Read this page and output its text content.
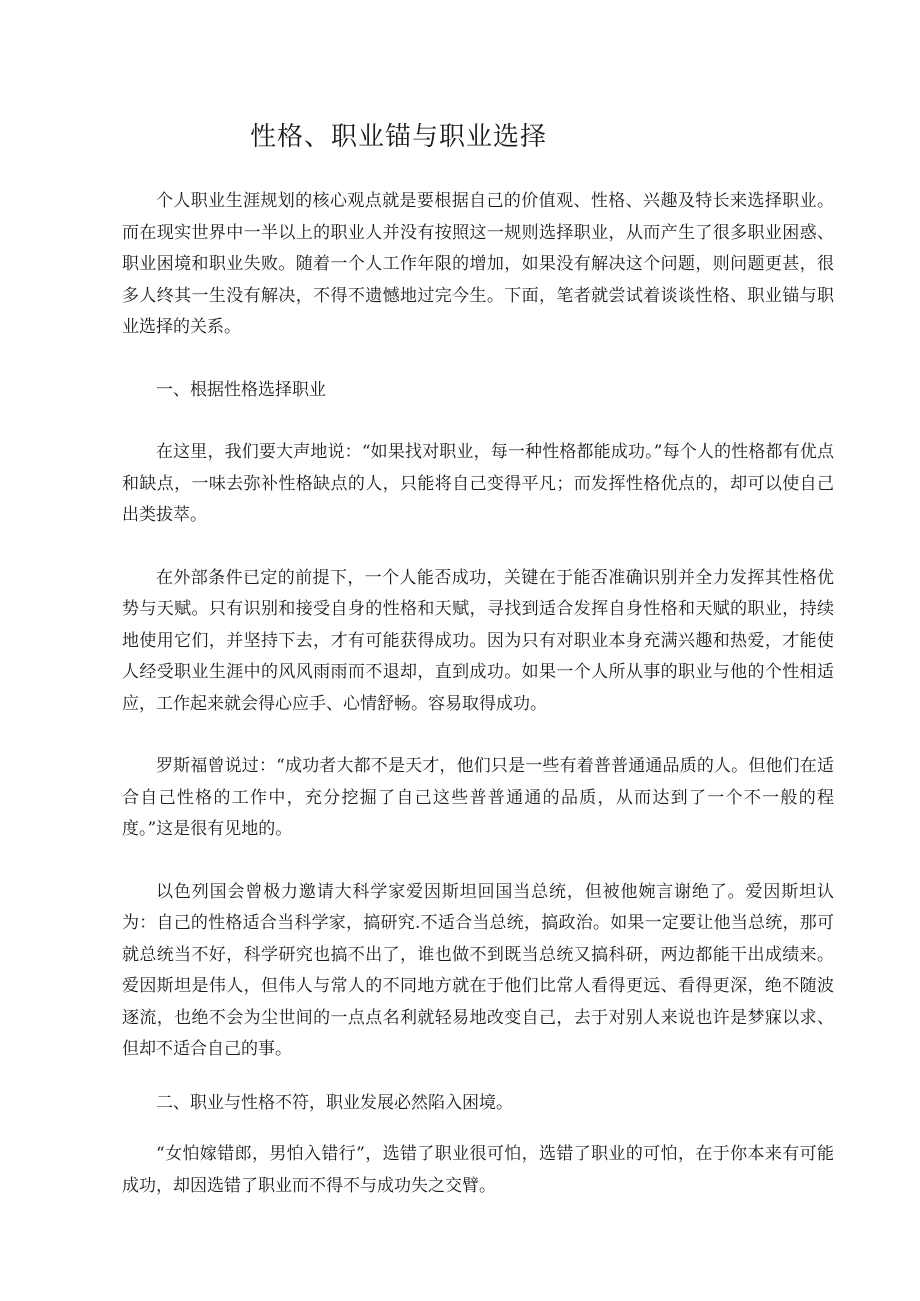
性格、职业锚与职业选择

个人职业生涯规划的核心观点就是要根据自己的价值观、性格、兴趣及特长来选择职业。而在现实世界中一半以上的职业人并没有按照这一规则选择职业，从而产生了很多职业困惑、职业困境和职业失败。随着一个人工作年限的增加，如果没有解决这个问题，则问题更甚，很多人终其一生没有解决，不得不遗憾地过完今生。下面，笔者就尝试着谈谈性格、职业锚与职业选择的关系。

一、根据性格选择职业

在这里，我们要大声地说：“如果找对职业，每一种性格都能成功。”每个人的性格都有优点和缺点，一味去弥补性格缺点的人，只能将自己变得平凡；而发挥性格优点的，却可以使自己出类拔萃。

在外部条件已定的前提下，一个人能否成功，关键在于能否准确识别并全力发挥其性格优势与天赋。只有识别和接受自身的性格和天赋，寻找到适合发挥自身性格和天赋的职业，持续地使用它们，并坚持下去，才有可能获得成功。因为只有对职业本身充满兴趣和热爱，才能使人经受职业生涯中的风风雨雨而不退却，直到成功。如果一个人所从事的职业与他的个性相适应，工作起来就会得心应手、心情舒畅。容易取得成功。

罗斯福曾说过：“成功者大都不是天才，他们只是一些有着普普通通品质的人。但他们在适合自己性格的工作中，充分挖掘了自己这些普普通通的品质，从而达到了一个不一般的程度。”这是很有见地的。

以色列国会曾极力邀请大科学家爱因斯坦回国当总统，但被他婉言谢绝了。爱因斯坦认为：自己的性格适合当科学家，搞研究.不适合当总统，搞政治。如果一定要让他当总统，那可就总统当不好，科学研究也搞不出了，谁也做不到既当总统又搞科研，两边都能干出成绩来。爱因斯坦是伟人，但伟人与常人的不同地方就在于他们比常人看得更远、看得更深，绝不随波逐流，也绝不会为尘世间的一点点名利就轻易地改变自己，去于对别人来说也许是梦寐以求、但却不适合自己的事。

二、职业与性格不符，职业发展必然陷入困境。

“女怕嫁错郎，男怕入错行”，选错了职业很可怕，选错了职业的可怕，在于你本来有可能成功，却因选错了职业而不得不与成功失之交臂。
